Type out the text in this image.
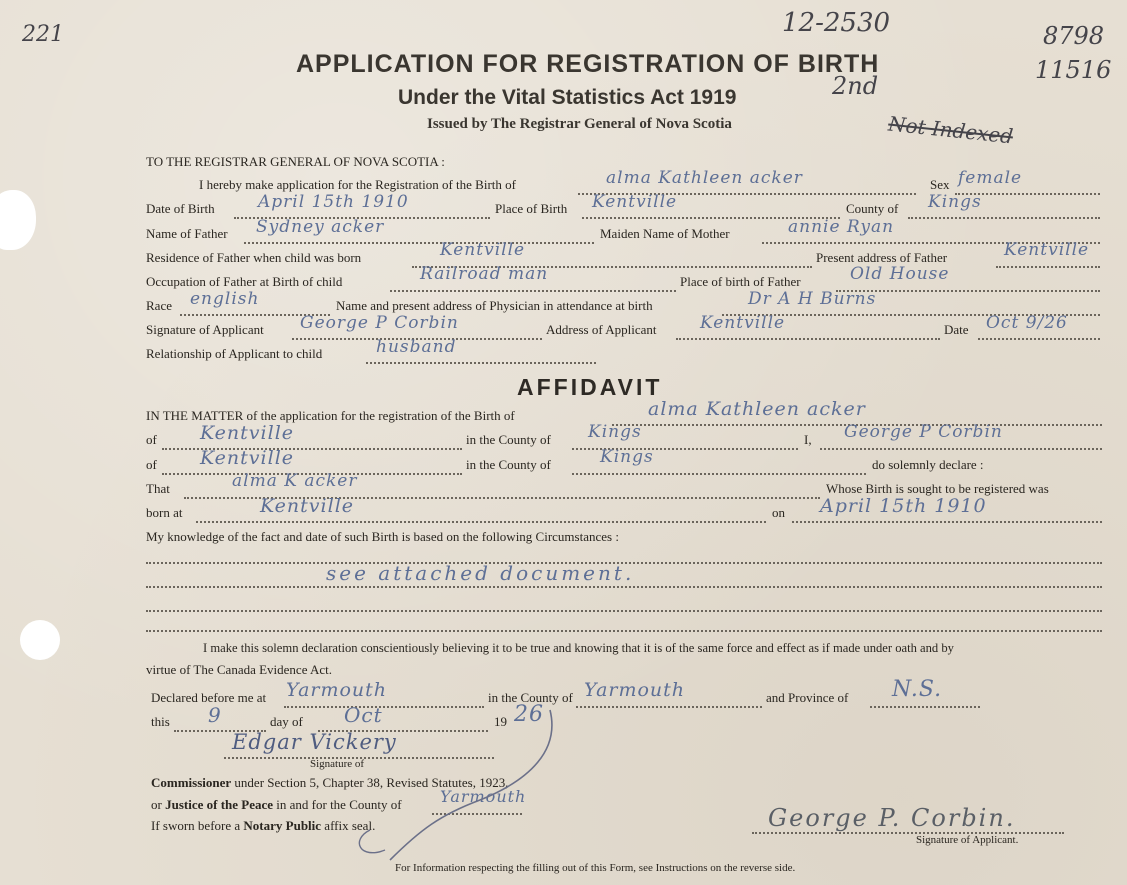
221	12-2530	8798
11516
2nd
Not Indexed
APPLICATION FOR REGISTRATION OF BIRTH
Under the Vital Statistics Act 1919
Issued by The Registrar General of Nova Scotia
TO THE REGISTRAR GENERAL OF NOVA SCOTIA :
I hereby make application for the Registration of the Birth of	alma Kathleen acker	Sex female
Date of Birth	April 15th 1910	Place of Birth Kentville	County of Kings
Name of Father Sydney acker	Maiden Name of Mother	annie Ryan
Residence of Father when child was born	Kentville	Present address of Father	Kentville
Occupation of Father at Birth of child	Railroad man	Place of birth of Father	Old House
Race english	Name and present address of Physician in attendance at birth	Dr A H Burns
Signature of Applicant George P Corbin	Address of Applicant	Kentville	Date Oct 9/26
Relationship of Applicant to child	husband
AFFIDAVIT
IN THE MATTER of the application for the registration of the Birth of	alma Kathleen acker
of Kentville	in the County of Kings	I, George P Corbin
of Kentville	in the County of	Kings	do solemnly declare :
That	alma K acker	Whose Birth is sought to be registered was
born at	Kentville	on April 15th 1910
My knowledge of the fact and date of such Birth is based on the following Circumstances :
see attached document.
I make this solemn declaration conscientiously believing it to be true and knowing that it is of the same force and effect as if made under oath and by
virtue of The Canada Evidence Act.
Declared before me at Yarmouth	in the County of Yarmouth	and Province of N.S.
this 9	day of Oct	19 26
Edgar Vickery
Signature of
Commissioner under Section 5, Chapter 38, Revised Statutes, 1923,
or Justice of the Peace in and for the County of Yarmouth
If sworn before a Notary Public affix seal.	George P. Corbin.
Signature of Applicant.
For Information respecting the filling out of this Form, see Instructions on the reverse side.
